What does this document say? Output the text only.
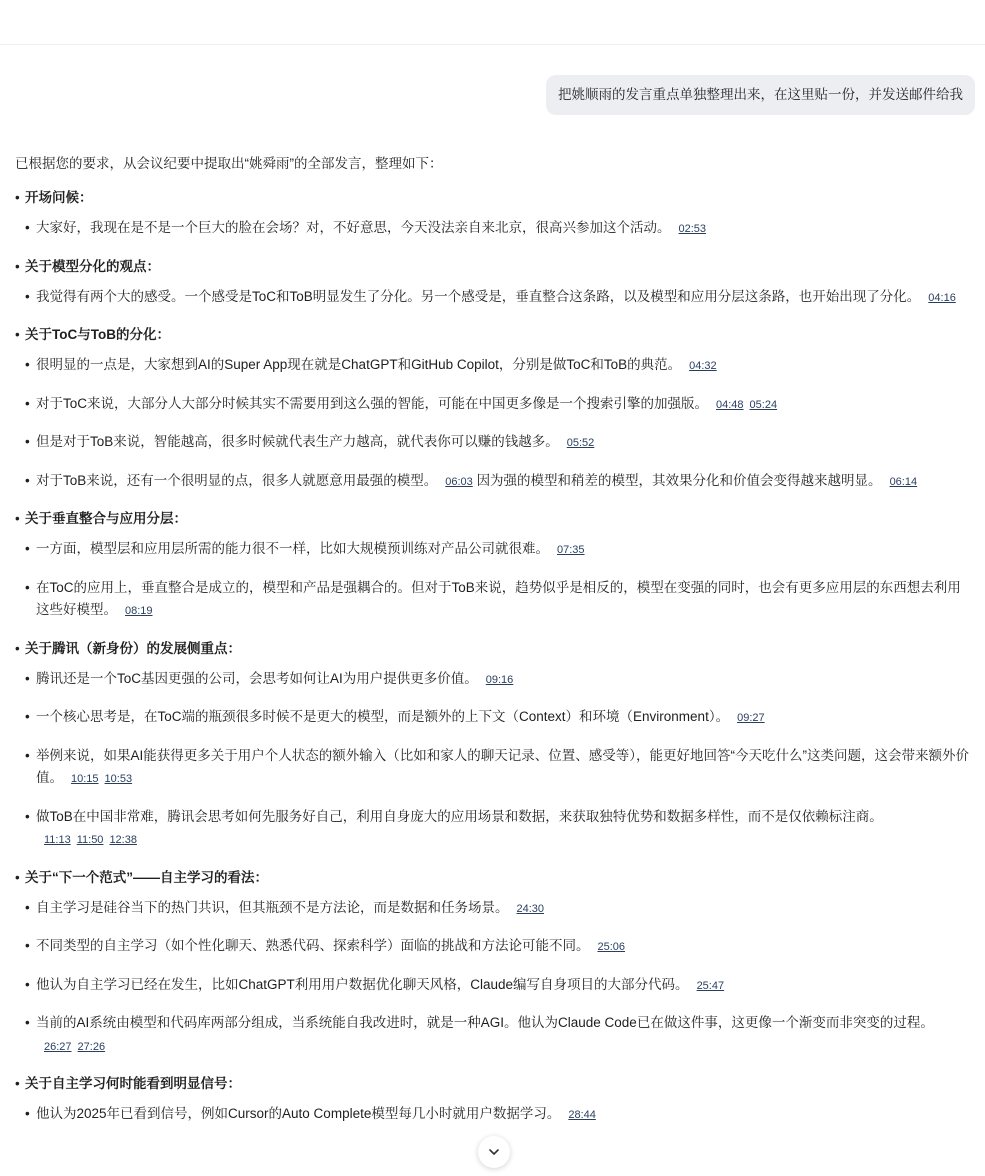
把姚顺雨的发言重点单独整理出来，在这里贴一份，并发送邮件给我
已根据您的要求，从会议纪要中提取出“姚舜雨”的全部发言，整理如下：
• 开场问候：
• 大家好，我现在是不是一个巨大的脸在会场？对，不好意思，今天没法亲自来北京，很高兴参加这个活动。 02:53
• 关于模型分化的观点：
• 我觉得有两个大的感受。一个感受是ToC和ToB明显发生了分化。另一个感受是，垂直整合这条路，以及模型和应用分层这条路，也开始出现了分化。 04:16
• 关于ToC与ToB的分化：
• 很明显的一点是，大家想到AI的Super App现在就是ChatGPT和GitHub Copilot，分别是做ToC和ToB的典范。 04:32
• 对于ToC来说，大部分人大部分时候其实不需要用到这么强的智能，可能在中国更多像是一个搜索引擎的加强版。 04:48 05:24
• 但是对于ToB来说，智能越高，很多时候就代表生产力越高，就代表你可以赚的钱越多。 05:52
• 对于ToB来说，还有一个很明显的点，很多人就愿意用最强的模型。 06:03 因为强的模型和稍差的模型，其效果分化和价值会变得越来越明显。 06:14
• 关于垂直整合与应用分层：
• 一方面，模型层和应用层所需的能力很不一样，比如大规模预训练对产品公司就很难。 07:35
• 在ToC的应用上，垂直整合是成立的，模型和产品是强耦合的。但对于ToB来说，趋势似乎是相反的，模型在变强的同时，也会有更多应用层的东西想去利用这些好模型。 08:19
• 关于腾讯（新身份）的发展侧重点：
• 腾讯还是一个ToC基因更强的公司，会思考如何让AI为用户提供更多价值。 09:16
• 一个核心思考是，在ToC端的瓶颈很多时候不是更大的模型，而是额外的上下文（Context）和环境（Environment）。 09:27
• 举例来说，如果AI能获得更多关于用户个人状态的额外输入（比如和家人的聊天记录、位置、感受等），能更好地回答“今天吃什么”这类问题，这会带来额外价值。 10:15 10:53
• 做ToB在中国非常难，腾讯会思考如何先服务好自己，利用自身庞大的应用场景和数据，来获取独特优势和数据多样性，而不是仅依赖标注商。11:13 11:50 12:38
• 关于“下一个范式”——自主学习的看法：
• 自主学习是硅谷当下的热门共识，但其瓶颈不是方法论，而是数据和任务场景。 24:30
• 不同类型的自主学习（如个性化聊天、熟悉代码、探索科学）面临的挑战和方法论可能不同。 25:06
• 他认为自主学习已经在发生，比如ChatGPT利用用户数据优化聊天风格，Claude编写自身项目的大部分代码。 25:47
• 当前的AI系统由模型和代码库两部分组成，当系统能自我改进时，就是一种AGI。他认为Claude Code已在做这件事，这更像一个渐变而非突变的过程。26:27 27:26
• 关于自主学习何时能看到明显信号：
• 他认为2025年已看到信号，例如Cursor的Auto Complete模型每几小时就用户数据学习。 28:44
